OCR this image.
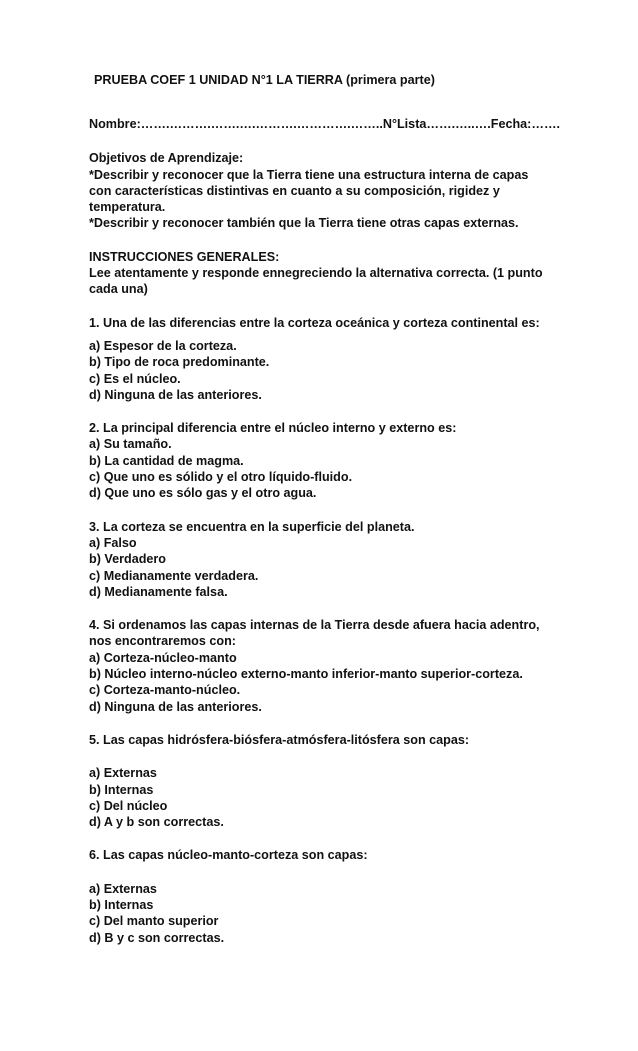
PRUEBA COEF 1 UNIDAD N°1 LA TIERRA (primera parte)
Nombre:…….……….…….….……….………….……..N°Lista…….…..….Fecha:…….
Objetivos de Aprendizaje:
*Describir y reconocer que la Tierra tiene una estructura interna de capas
con características distintivas en cuanto a su composición, rigidez y
temperatura.
*Describir y reconocer también que la Tierra tiene otras capas externas.
INSTRUCCIONES GENERALES:
Lee atentamente y responde ennegreciendo la alternativa correcta. (1 punto
cada una)
1. Una de las diferencias entre la corteza oceánica y corteza continental es:
a) Espesor de la corteza.
b) Tipo de roca predominante.
c) Es el núcleo.
d) Ninguna de las anteriores.
2. La principal diferencia entre el núcleo interno y externo es:
a) Su tamaño.
b) La cantidad de magma.
c) Que uno es sólido y el otro líquido-fluido.
d) Que uno es sólo gas y el otro agua.
3. La corteza se encuentra en la superficie del planeta.
a) Falso
b) Verdadero
c) Medianamente verdadera.
d) Medianamente falsa.
4. Si ordenamos las capas internas de la Tierra desde afuera hacia adentro,
nos encontraremos con:
a) Corteza-núcleo-manto
b) Núcleo interno-núcleo externo-manto inferior-manto superior-corteza.
c) Corteza-manto-núcleo.
d) Ninguna de las anteriores.
5. Las capas hidrósfera-biósfera-atmósfera-litósfera son capas:
a) Externas
b) Internas
c) Del núcleo
d) A y b son correctas.
6. Las capas núcleo-manto-corteza son capas:
a) Externas
b) Internas
c) Del manto superior
d) B y c son correctas.
